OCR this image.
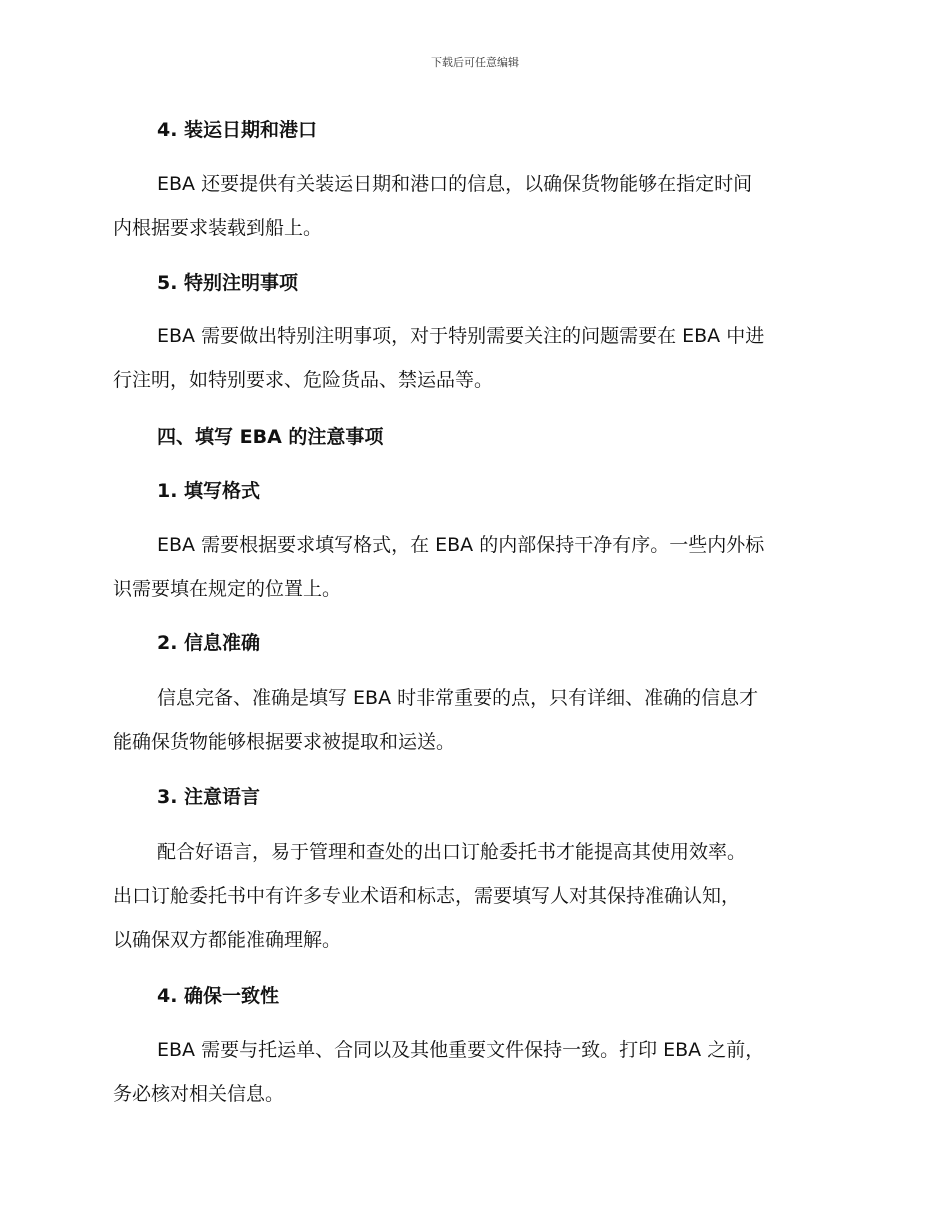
下载后可任意编辑
4. 装运日期和港口
EBA 还要提供有关装运日期和港口的信息，以确保货物能够在指定时间
内根据要求装载到船上。
5. 特别注明事项
EBA 需要做出特别注明事项，对于特别需要关注的问题需要在 EBA 中进
行注明，如特别要求、危险货品、禁运品等。
四、填写 EBA 的注意事项
1. 填写格式
EBA 需要根据要求填写格式，在 EBA 的内部保持干净有序。一些内外标
识需要填在规定的位置上。
2. 信息准确
信息完备、准确是填写 EBA 时非常重要的点，只有详细、准确的信息才
能确保货物能够根据要求被提取和运送。
3. 注意语言
配合好语言，易于管理和查处的出口订舱委托书才能提高其使用效率。
出口订舱委托书中有许多专业术语和标志，需要填写人对其保持准确认知，
以确保双方都能准确理解。
4. 确保一致性
EBA 需要与托运单、合同以及其他重要文件保持一致。打印 EBA 之前，
务必核对相关信息。
